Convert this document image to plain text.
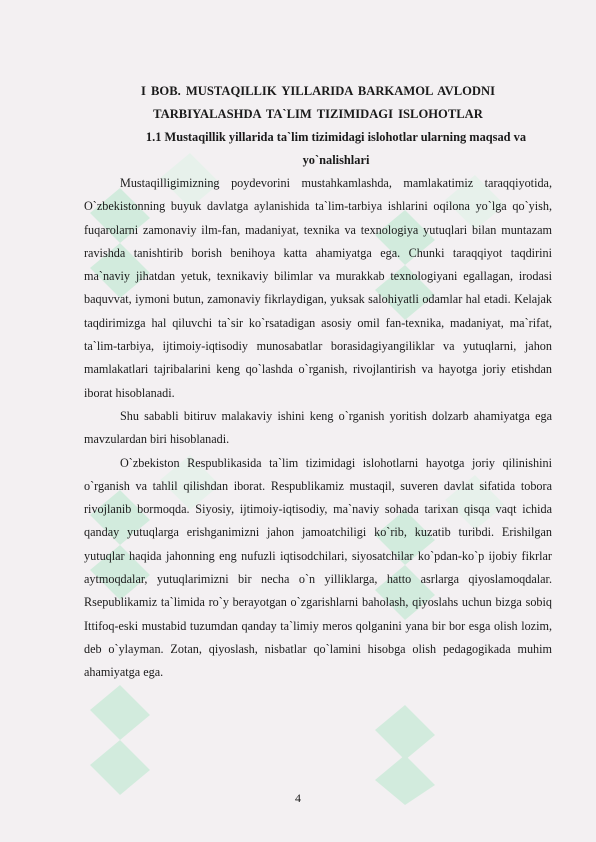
I BOB. MUSTAQILLIK YILLARIDA BARKAMOL AVLODNI
TARBIYALASHDA TA`LIM TIZIMIDAGI ISLOHOTLAR
1.1 Mustaqillik yillarida ta`lim tizimidagi islohotlar ularning maqsad va yo`nalishlari

Mustaqilligimizning poydevorini mustahkamlashda, mamlakatimiz taraqqiyotida, O`zbekistonning buyuk davlatga aylanishida ta`lim-tarbiya ishlarini oqilona yo`lga qo`yish, fuqarolarni zamonaviy ilm-fan, madaniyat, texnika va texnologiya yutuqlari bilan muntazam ravishda tanishtirib borish benihoya katta ahamiyatga ega. Chunki taraqqiyot taqdirini ma`naviy jihatdan yetuk, texnikaviy bilimlar va murakkab texnologiyani egallagan, irodasi baquvvat, iymoni butun, zamonaviy fikrlaydigan, yuksak salohiyatli odamlar hal etadi. Kelajak taqdirimizga hal qiluvchi ta`sir ko`rsatadigan asosiy omil fan-texnika, madaniyat, ma`rifat, ta`lim-tarbiya, ijtimoiy-iqtisodiy munosabatlar borasidagiyangiliklar va yutuqlarni, jahon mamlakatlari tajribalarini keng qo`lashda o`rganish, rivojlantirish va hayotga joriy etishdan iborat hisoblanadi.

Shu sababli bitiruv malakaviy ishini keng o`rganish yoritish dolzarb ahamiyatga ega mavzulardan biri hisoblanadi.

O`zbekiston Respublikasida ta`lim tizimidagi islohotlarni hayotga joriy qilinishini o`rganish va tahlil qilishdan iborat. Respublikamiz mustaqil, suveren davlat sifatida tobora rivojlanib bormoqda. Siyosiy, ijtimoiy-iqtisodiy, ma`naviy sohada tarixan qisqa vaqt ichida qanday yutuqlarga erishganimizni jahon jamoatchiligi ko`rib, kuzatib turibdi. Erishilgan yutuqlar haqida jahonning eng nufuzli iqtisodchilari, siyosatchilar ko`pdan-ko`p ijobiy fikrlar aytmoqdalar, yutuqlarimizni bir necha o`n yilliklarga, hatto asrlarga qiyoslamoqdalar. Rsepublikamiz ta`limida ro`y berayotgan o`zgarishlarni baholash, qiyoslahs uchun bizga sobiq Ittifoq-eski mustabid tuzumdan qanday ta`limiy meros qolganini yana bir bor esga olish lozim, deb o`ylayman. Zotan, qiyoslash, nisbatlar qo`lamini hisobga olish pedagogikada muhim ahamiyatga ega.

4
